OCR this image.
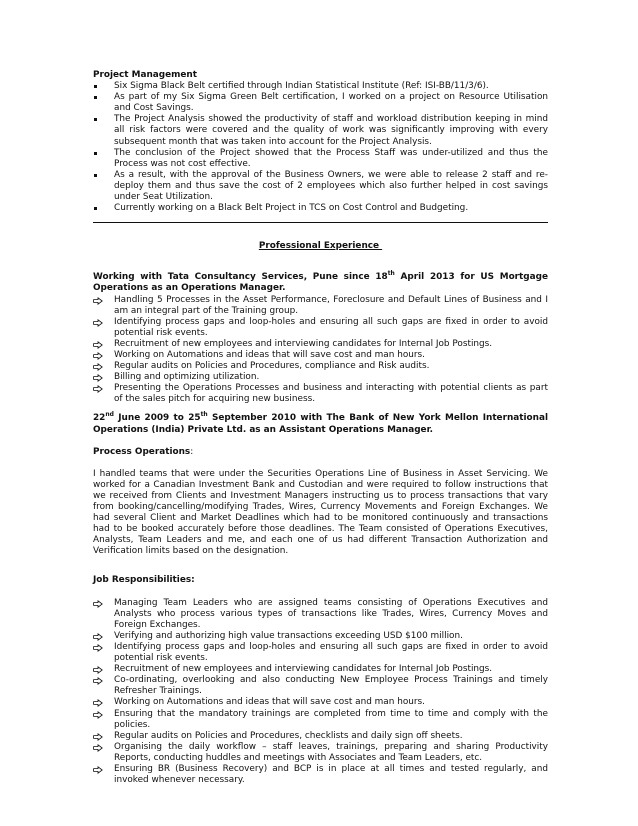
Project Management

Six Sigma Black Belt certified through Indian Statistical Institute (Ref: ISI-BB/11/3/6).
As part of my Six Sigma Green Belt certification, I worked on a project on Resource Utilisation and Cost Savings.
The Project Analysis showed the productivity of staff and workload distribution keeping in mind all risk factors were covered and the quality of work was significantly improving with every subsequent month that was taken into account for the Project Analysis.
The conclusion of the Project showed that the Process Staff was under-utilized and thus the Process was not cost effective.
As a result, with the approval of the Business Owners, we were able to release 2 staff and re-deploy them and thus save the cost of 2 employees which also further helped in cost savings under Seat Utilization.
Currently working on a Black Belt Project in TCS on Cost Control and Budgeting.
Professional Experience

Working with Tata Consultancy Services, Pune since 18th April 2013 for US Mortgage Operations as an Operations Manager.

Handling 5 Processes in the Asset Performance, Foreclosure and Default Lines of Business and I am an integral part of the Training group.
Identifying process gaps and loop-holes and ensuring all such gaps are fixed in order to avoid potential risk events.
Recruitment of new employees and interviewing candidates for Internal Job Postings.
Working on Automations and ideas that will save cost and man hours.
Regular audits on Policies and Procedures, compliance and Risk audits.
Billing and optimizing utilization.
Presenting the Operations Processes and business and interacting with potential clients as part of the sales pitch for acquiring new business.

22nd June 2009 to 25th September 2010 with The Bank of New York Mellon International Operations (India) Private Ltd. as an Assistant Operations Manager.

Process Operations:

I handled teams that were under the Securities Operations Line of Business in Asset Servicing. We worked for a Canadian Investment Bank and Custodian and were required to follow instructions that we received from Clients and Investment Managers instructing us to process transactions that vary from booking/cancelling/modifying Trades, Wires, Currency Movements and Foreign Exchanges. We had several Client and Market Deadlines which had to be monitored continuously and transactions had to be booked accurately before those deadlines. The Team consisted of Operations Executives, Analysts, Team Leaders and me, and each one of us had different Transaction Authorization and Verification limits based on the designation.

Job Responsibilities:

Managing Team Leaders who are assigned teams consisting of Operations Executives and Analysts who process various types of transactions like Trades, Wires, Currency Moves and Foreign Exchanges.
Verifying and authorizing high value transactions exceeding USD $100 million.
Identifying process gaps and loop-holes and ensuring all such gaps are fixed in order to avoid potential risk events.
Recruitment of new employees and interviewing candidates for Internal Job Postings.
Co-ordinating, overlooking and also conducting New Employee Process Trainings and timely Refresher Trainings.
Working on Automations and ideas that will save cost and man hours.
Ensuring that the mandatory trainings are completed from time to time and comply with the policies.
Regular audits on Policies and Procedures, checklists and daily sign off sheets.
Organising the daily workflow – staff leaves, trainings, preparing and sharing Productivity Reports, conducting huddles and meetings with Associates and Team Leaders, etc.
Ensuring BR (Business Recovery) and BCP is in place at all times and tested regularly, and invoked whenever necessary.
